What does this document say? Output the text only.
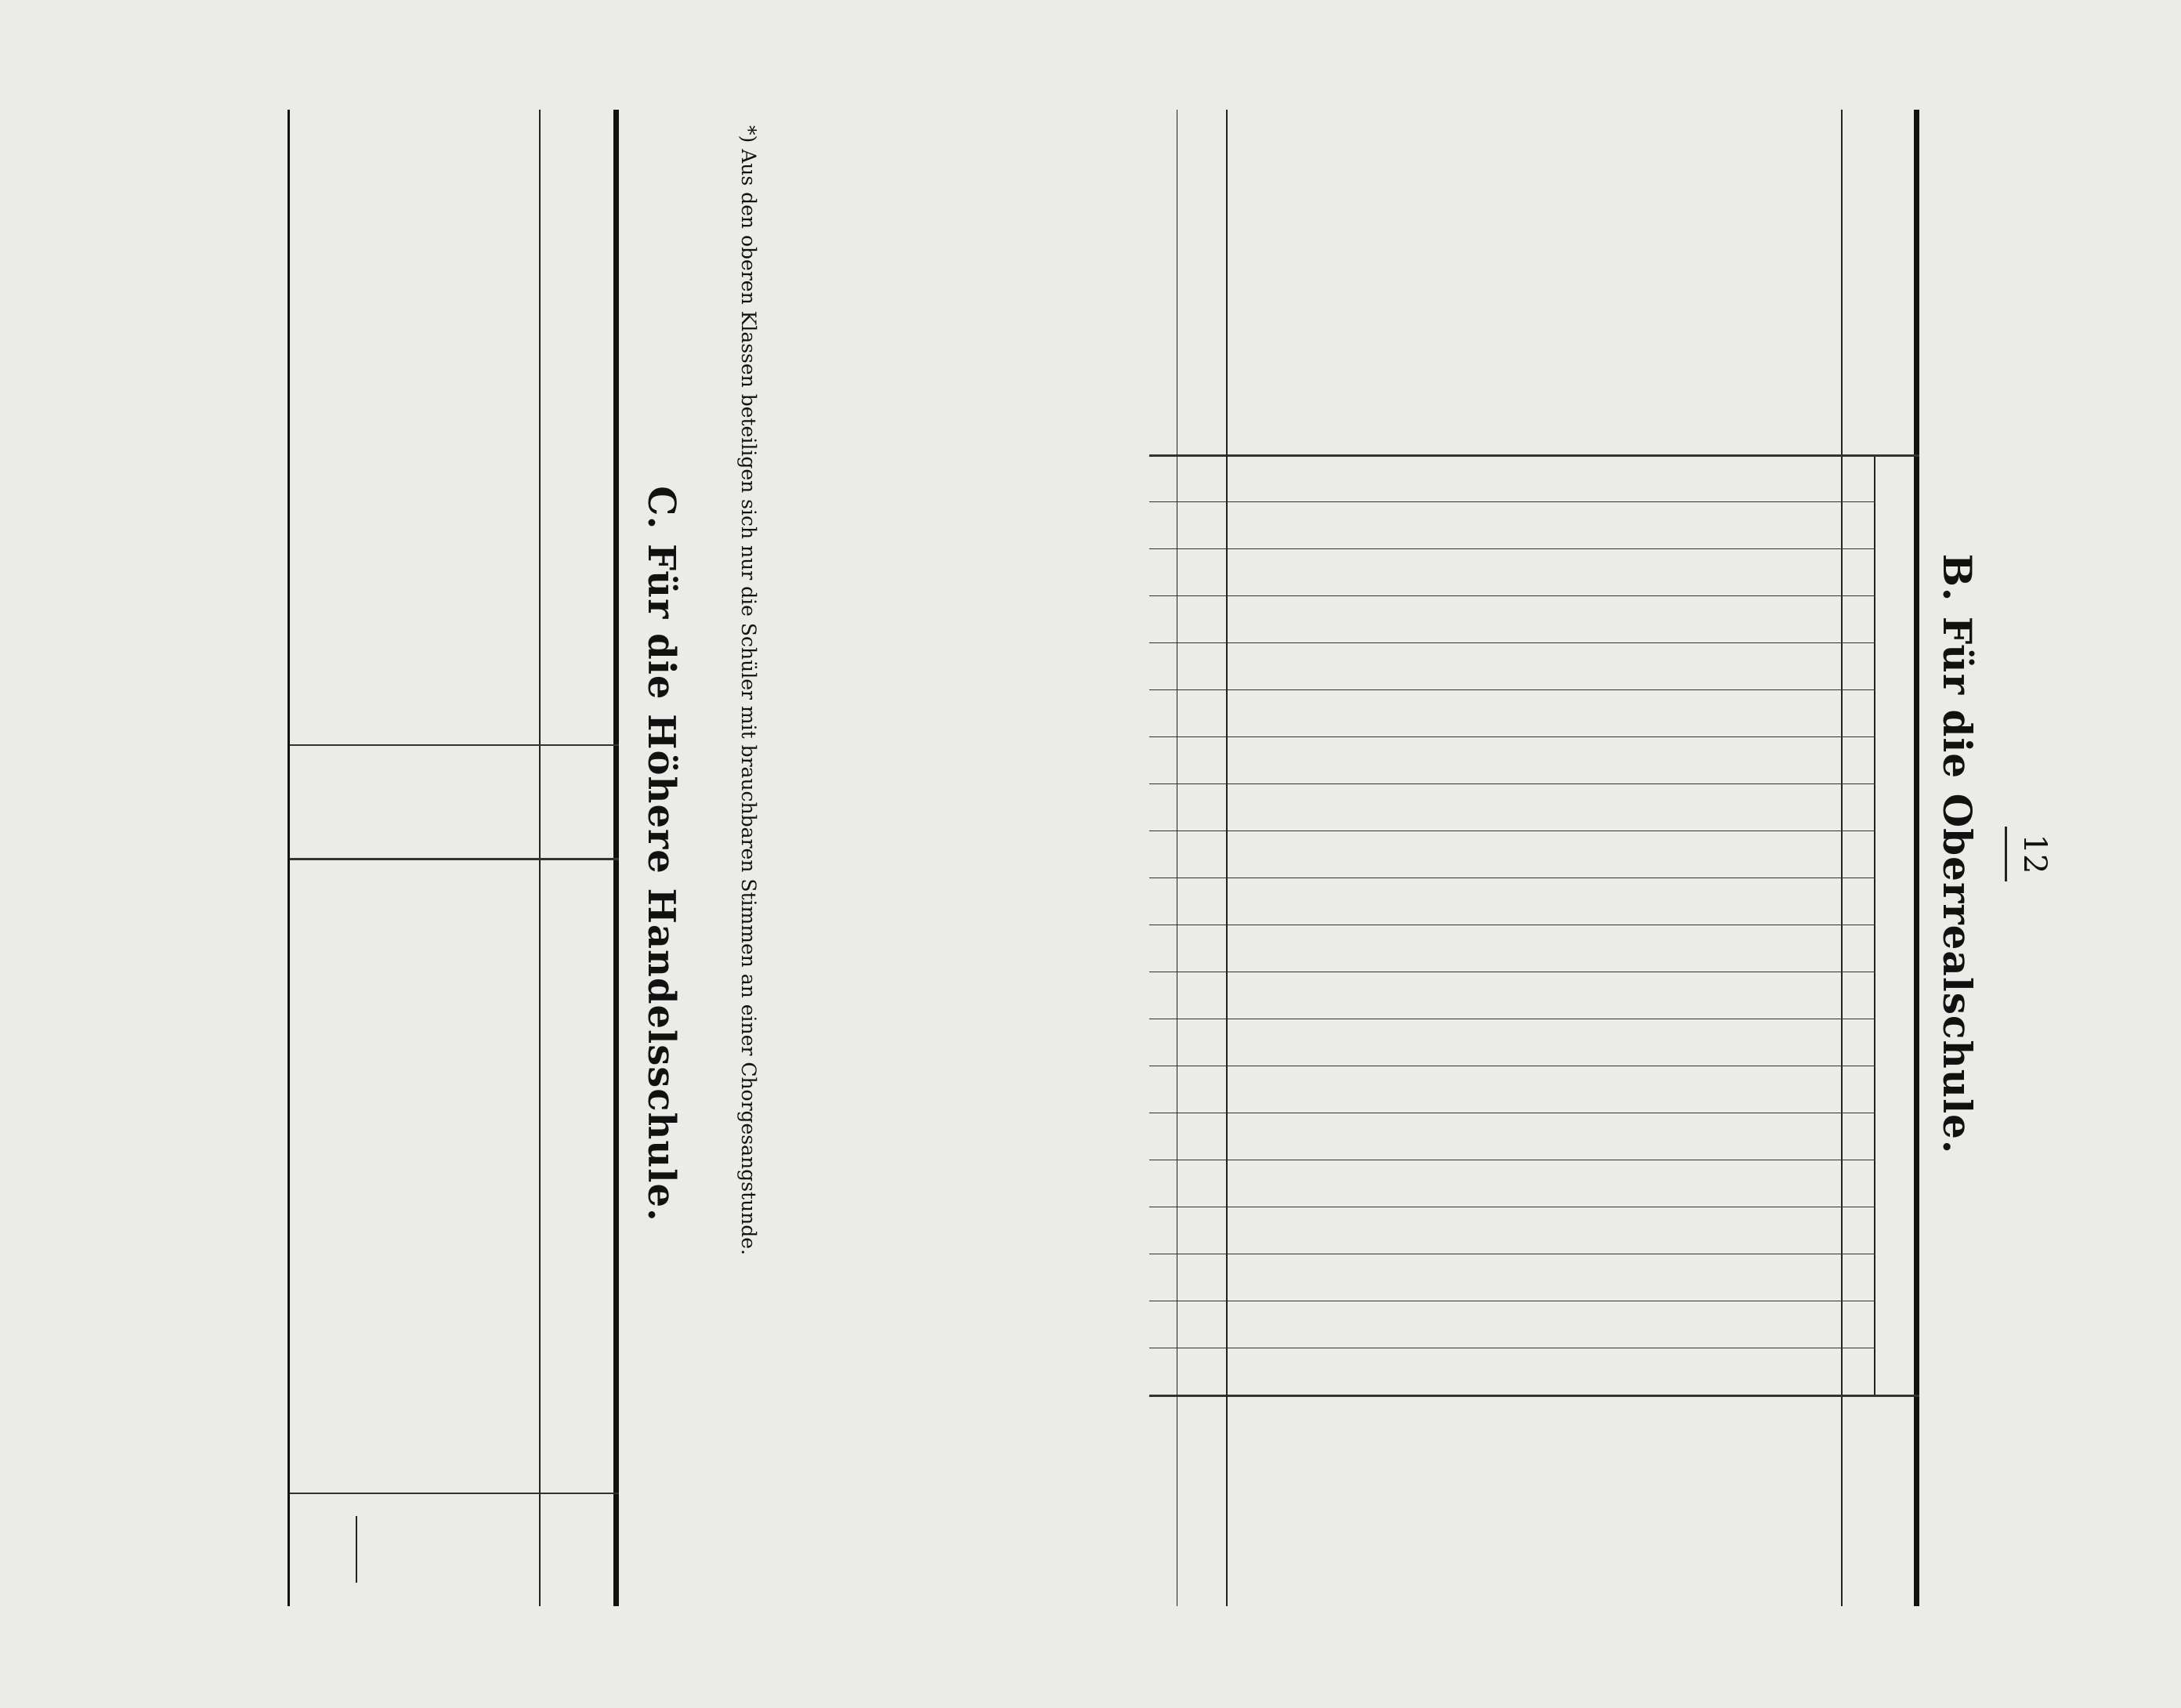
12
B. Für die Oberrealschule.
*) Aus den oberen Klassen beteiligen sich nur die Schüler mit brauchbaren Stimmen an einer Chorgesangstunde.
C. Für die Höhere Handelsschule.
